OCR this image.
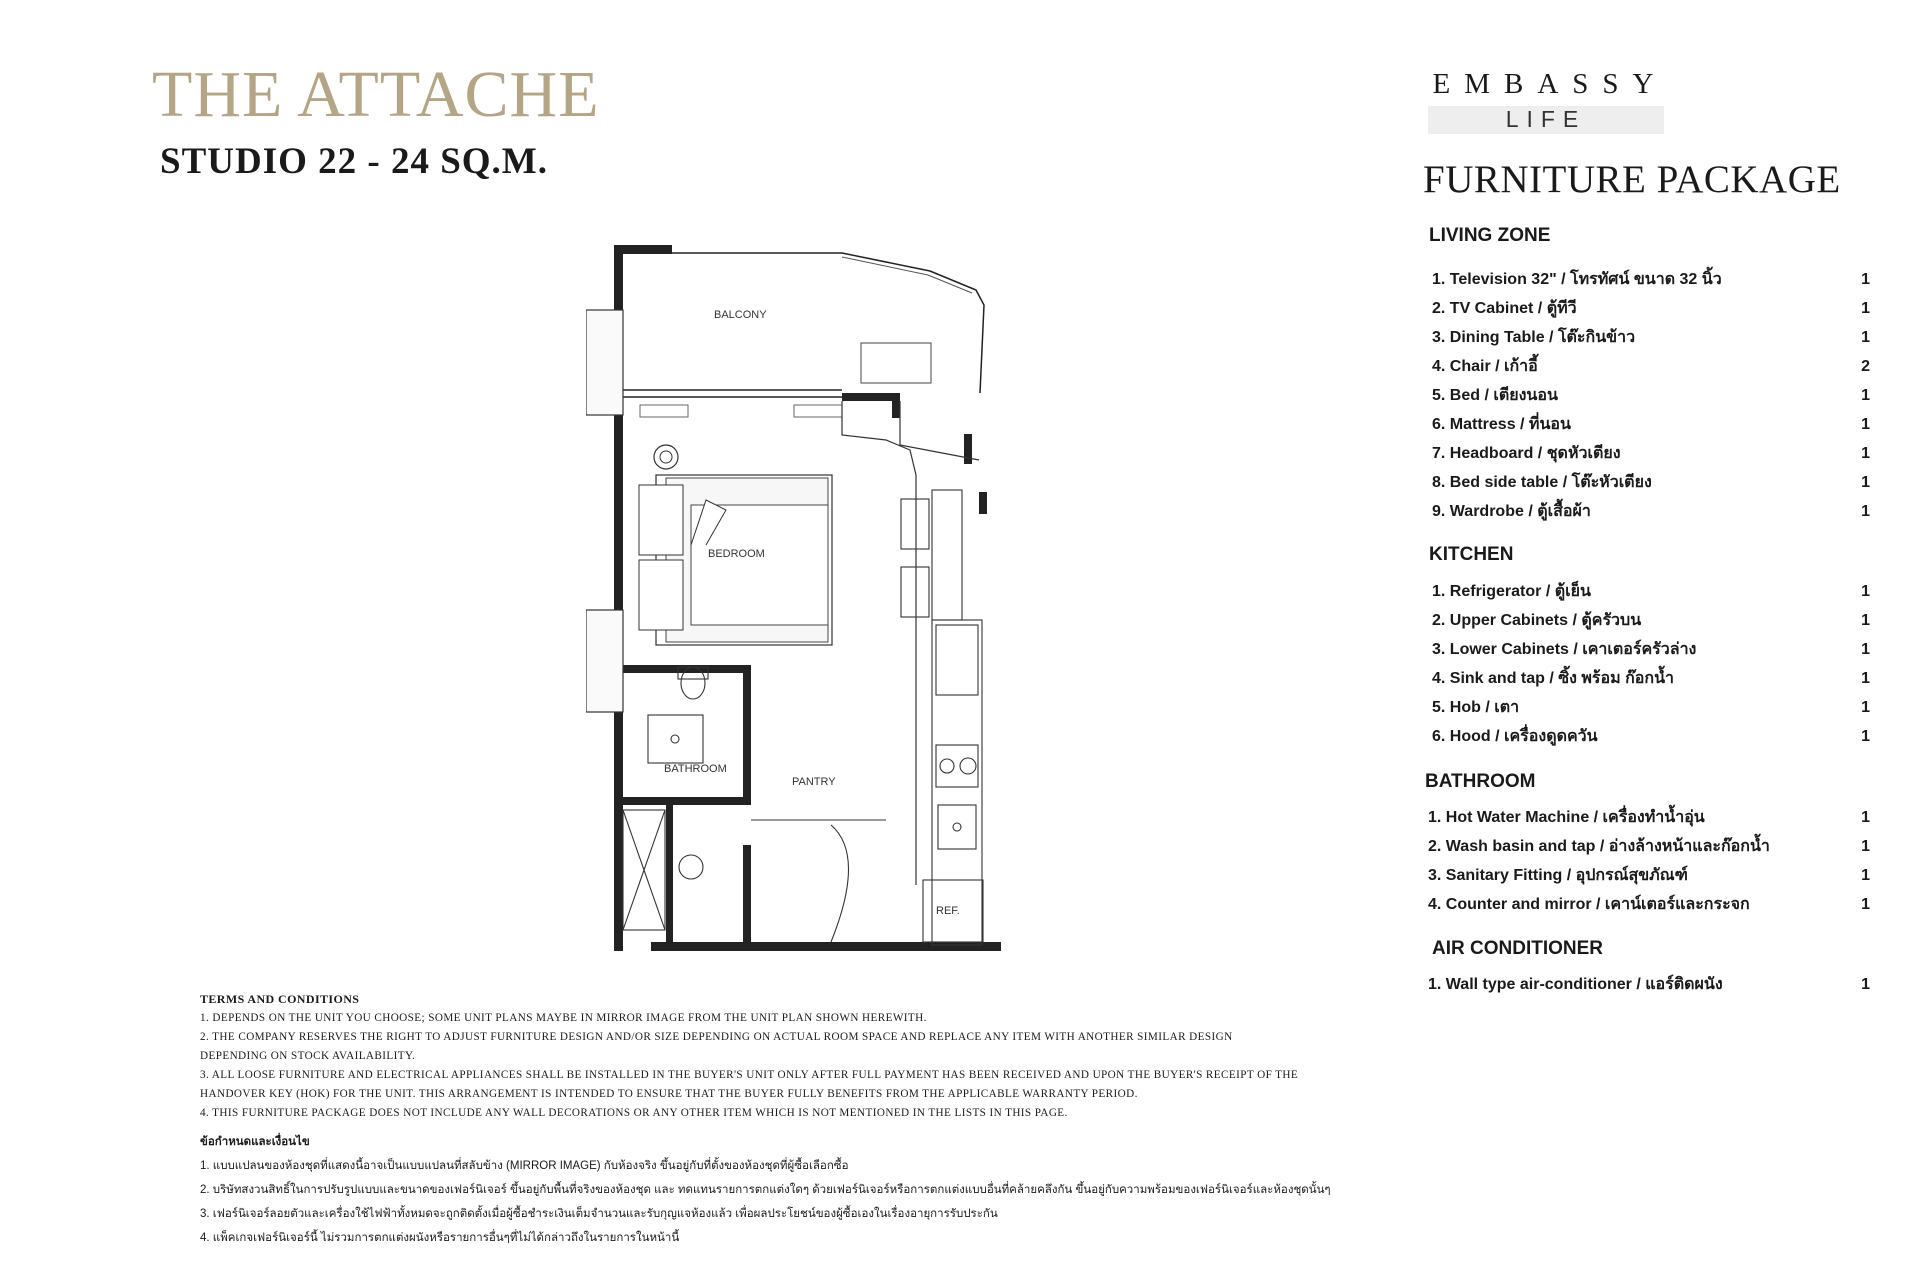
THE ATTACHE
STUDIO 22 - 24 SQ.M.
EMBASSY
LIFE
FURNITURE PACKAGE
LIVING ZONE
1. Television 32" / โทรทัศน์ ขนาด 32 นิ้ว	1
2. TV Cabinet / ตู้ทีวี	1
3. Dining Table / โต๊ะกินข้าว	1
4. Chair / เก้าอี้	2
5. Bed / เตียงนอน	1
6. Mattress / ที่นอน	1
7. Headboard / ชุดหัวเตียง	1
8. Bed side table / โต๊ะหัวเตียง	1
9. Wardrobe / ตู้เสื้อผ้า	1
KITCHEN
1. Refrigerator / ตู้เย็น	1
2. Upper Cabinets / ตู้ครัวบน	1
3. Lower Cabinets / เคาเตอร์ครัวล่าง	1
4. Sink and tap / ซิ้ง พร้อม ก๊อกน้ำ	1
5. Hob / เตา	1
6. Hood / เครื่องดูดควัน	1
BATHROOM
1. Hot Water Machine / เครื่องทำน้ำอุ่น	1
2. Wash basin and tap / อ่างล้างหน้าและก๊อกน้ำ	1
3. Sanitary Fitting / อุปกรณ์สุขภัณฑ์	1
4. Counter and mirror / เคาน์เตอร์และกระจก	1
AIR CONDITIONER
1. Wall type air-conditioner / แอร์ติดผนัง	1
BALCONY
BEDROOM
BATHROOM
PANTRY
REF.
TERMS AND CONDITIONS
1. DEPENDS ON THE UNIT YOU CHOOSE; SOME UNIT PLANS MAYBE IN MIRROR IMAGE FROM THE UNIT PLAN SHOWN HEREWITH.
2. THE COMPANY RESERVES THE RIGHT TO ADJUST FURNITURE DESIGN AND/OR SIZE DEPENDING ON ACTUAL ROOM SPACE AND REPLACE ANY ITEM WITH ANOTHER SIMILAR DESIGN
DEPENDING ON STOCK AVAILABILITY.
3. ALL LOOSE FURNITURE AND ELECTRICAL APPLIANCES SHALL BE INSTALLED IN THE BUYER'S UNIT ONLY AFTER FULL PAYMENT HAS BEEN RECEIVED AND UPON THE BUYER'S RECEIPT OF THE
HANDOVER KEY (HOK) FOR THE UNIT. THIS ARRANGEMENT IS INTENDED TO ENSURE THAT THE BUYER FULLY BENEFITS FROM THE APPLICABLE WARRANTY PERIOD.
4. THIS FURNITURE PACKAGE DOES NOT INCLUDE ANY WALL DECORATIONS OR ANY OTHER ITEM WHICH IS NOT MENTIONED IN THE LISTS IN THIS PAGE.
ข้อกำหนดและเงื่อนไข
1. แบบแปลนของห้องชุดที่แสดงนี้อาจเป็นแบบแปลนที่สลับข้าง (MIRROR IMAGE) กับห้องจริง ขึ้นอยู่กับที่ตั้งของห้องชุดที่ผู้ซื้อเลือกซื้อ
2. บริษัทสงวนสิทธิ์ในการปรับรูปแบบและขนาดของเฟอร์นิเจอร์ ขึ้นอยู่กับพื้นที่จริงของห้องชุด และ ทดแทนรายการตกแต่งใดๆ ด้วยเฟอร์นิเจอร์หรือการตกแต่งแบบอื่นที่คล้ายคลึงกัน ขึ้นอยู่กับความพร้อมของเฟอร์นิเจอร์และห้องชุดนั้นๆ
3. เฟอร์นิเจอร์ลอยตัวและเครื่องใช้ไฟฟ้าทั้งหมดจะถูกติดตั้งเมื่อผู้ซื้อชำระเงินเต็มจำนวนและรับกุญแจห้องแล้ว เพื่อผลประโยชน์ของผู้ซื้อเองในเรื่องอายุการรับประกัน
4. แพ็คเกจเฟอร์นิเจอร์นี้ ไม่รวมการตกแต่งผนังหรือรายการอื่นๆที่ไม่ได้กล่าวถึงในรายการในหน้านี้
